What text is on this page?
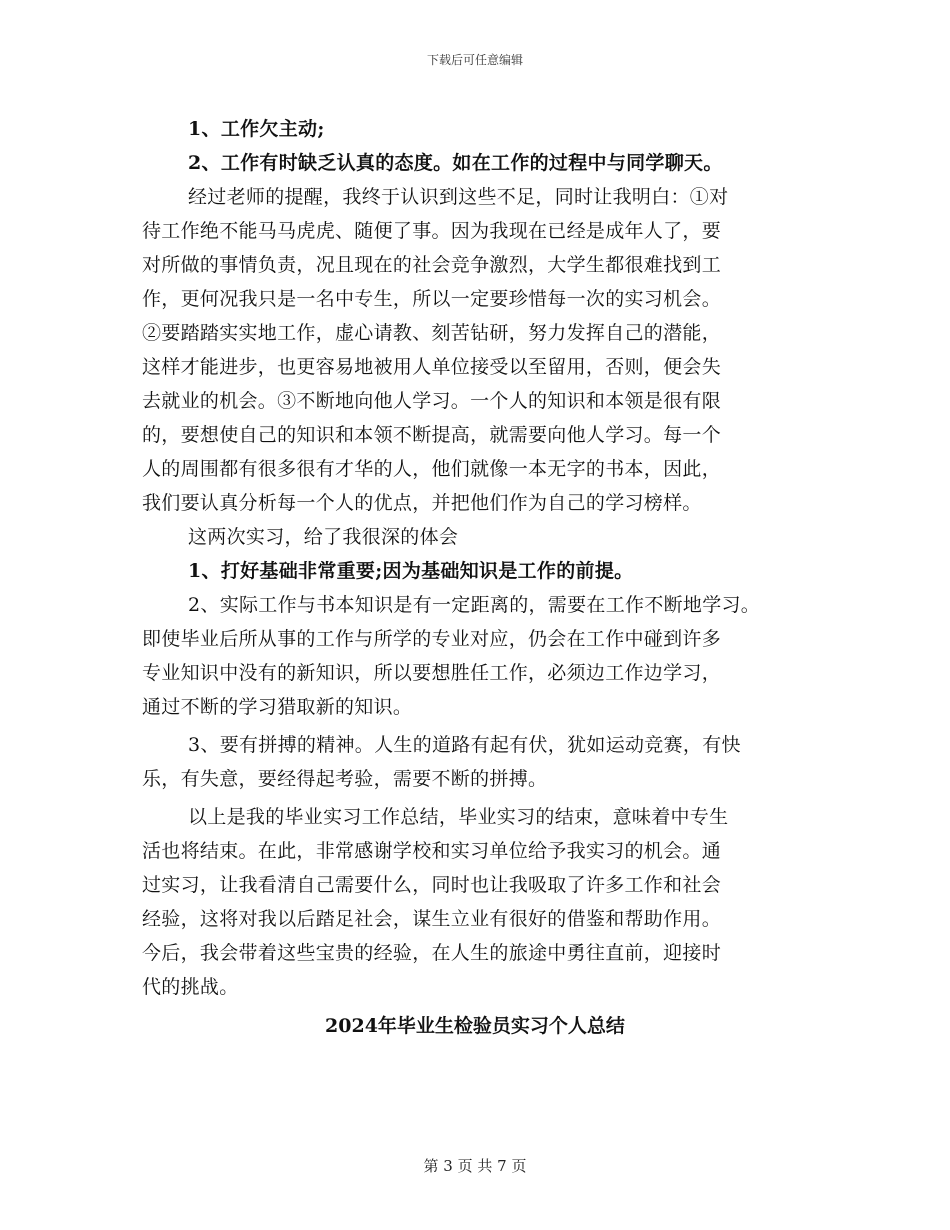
下载后可任意编辑
1、工作欠主动;
2、工作有时缺乏认真的态度。如在工作的过程中与同学聊天。
经过老师的提醒，我终于认识到这些不足，同时让我明白：①对
待工作绝不能马马虎虎、随便了事。因为我现在已经是成年人了，要
对所做的事情负责，况且现在的社会竞争激烈，大学生都很难找到工
作，更何况我只是一名中专生，所以一定要珍惜每一次的实习机会。
②要踏踏实实地工作，虚心请教、刻苦钻研，努力发挥自己的潜能，
这样才能进步，也更容易地被用人单位接受以至留用，否则，便会失
去就业的机会。③不断地向他人学习。一个人的知识和本领是很有限
的，要想使自己的知识和本领不断提高，就需要向他人学习。每一个
人的周围都有很多很有才华的人，他们就像一本无字的书本，因此，
我们要认真分析每一个人的优点，并把他们作为自己的学习榜样。
这两次实习，给了我很深的体会
1、打好基础非常重要;因为基础知识是工作的前提。
2、实际工作与书本知识是有一定距离的，需要在工作不断地学习。
即使毕业后所从事的工作与所学的专业对应，仍会在工作中碰到许多
专业知识中没有的新知识，所以要想胜任工作，必须边工作边学习，
通过不断的学习猎取新的知识。
3、要有拼搏的精神。人生的道路有起有伏，犹如运动竞赛，有快
乐，有失意，要经得起考验，需要不断的拼搏。
以上是我的毕业实习工作总结，毕业实习的结束，意味着中专生
活也将结束。在此，非常感谢学校和实习单位给予我实习的机会。通
过实习，让我看清自己需要什么，同时也让我吸取了许多工作和社会
经验，这将对我以后踏足社会，谋生立业有很好的借鉴和帮助作用。
今后，我会带着这些宝贵的经验，在人生的旅途中勇往直前，迎接时
代的挑战。
2024年毕业生检验员实习个人总结
第 3 页 共 7 页
